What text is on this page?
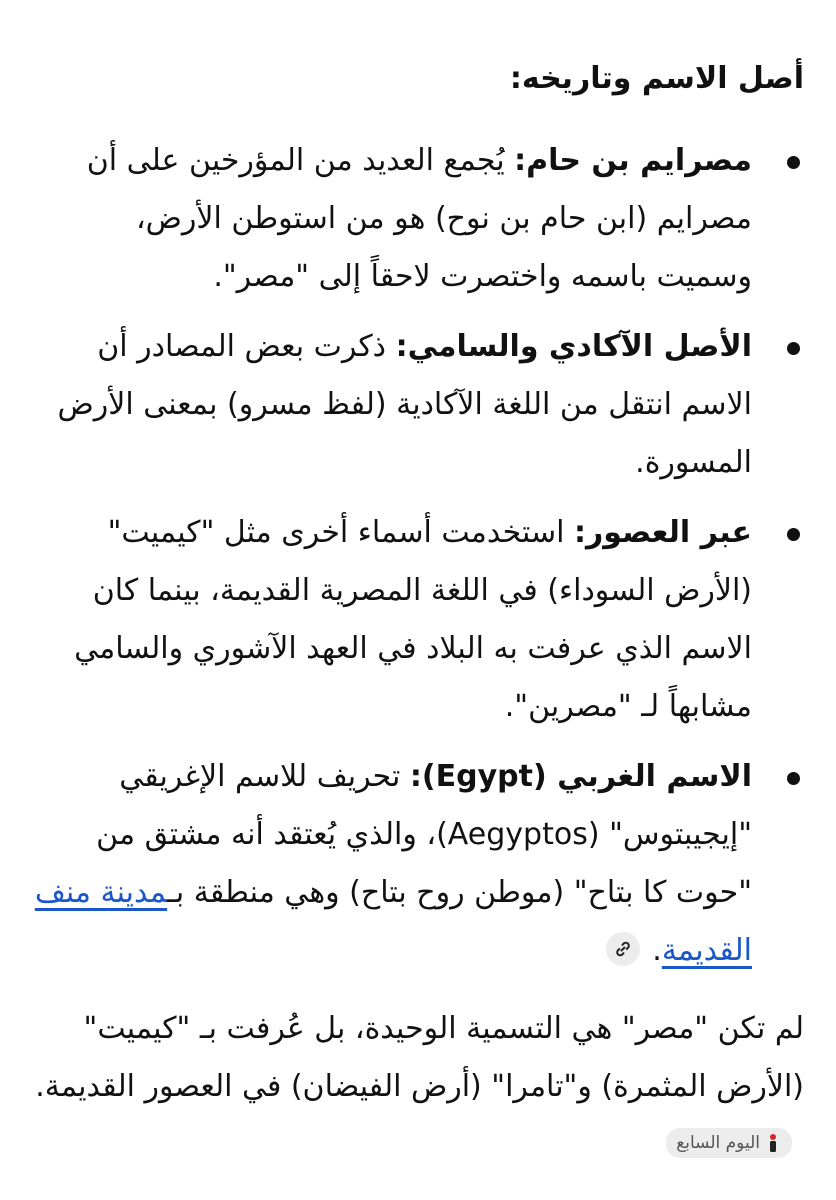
أصل الاسم وتاريخه:
مصرايم بن حام: يُجمع العديد من المؤرخين على أن مصرايم (ابن حام بن نوح) هو من استوطن الأرض، وسميت باسمه واختصرت لاحقاً إلى "مصر".
الأصل الآكادي والسامي: ذكرت بعض المصادر أن الاسم انتقل من اللغة الآكادية (لفظ مسرو) بمعنى الأرض المسورة.
عبر العصور: استخدمت أسماء أخرى مثل "كيميت" (الأرض السوداء) في اللغة المصرية القديمة، بينما كان الاسم الذي عرفت به البلاد في العهد الآشوري والسامي مشابهاً لـ "مصرين".
الاسم الغربي (Egypt): تحريف للاسم الإغريقي "إيجيبتوس" (Aegyptos)، والذي يُعتقد أنه مشتق من "حوت كا بتاح" (موطن روح بتاح) وهي منطقة بـمدينة منف القديمة.

لم تكن "مصر" هي التسمية الوحيدة، بل عُرفت بـ "كيميت" (الأرض المثمرة) و"تامرا" (أرض الفيضان) في العصور القديمة.
اليوم السابع
